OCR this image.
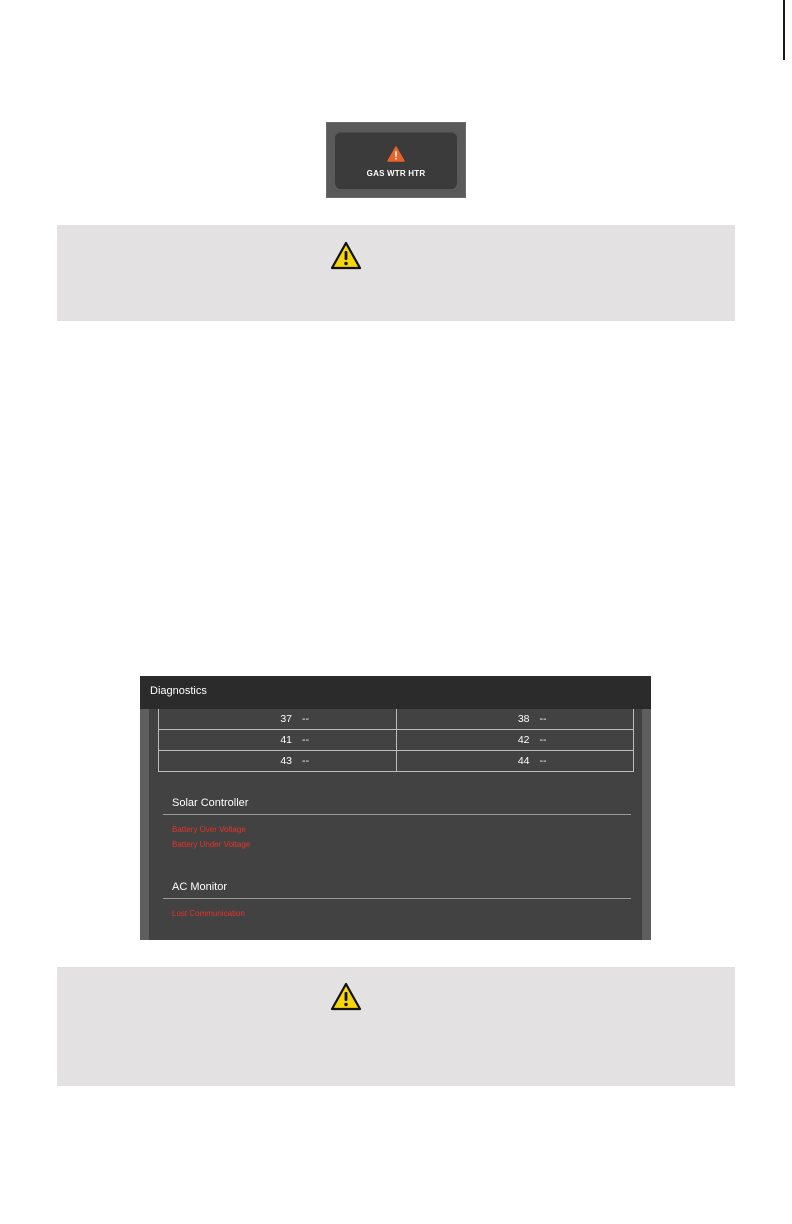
GAS WTR HTR
Diagnostics
37 --	38 --

41 --	42 --

43 --	44 --
Solar Controller
Battery Over Voltage
Battery Under Voltage
AC Monitor
Lost Communication
